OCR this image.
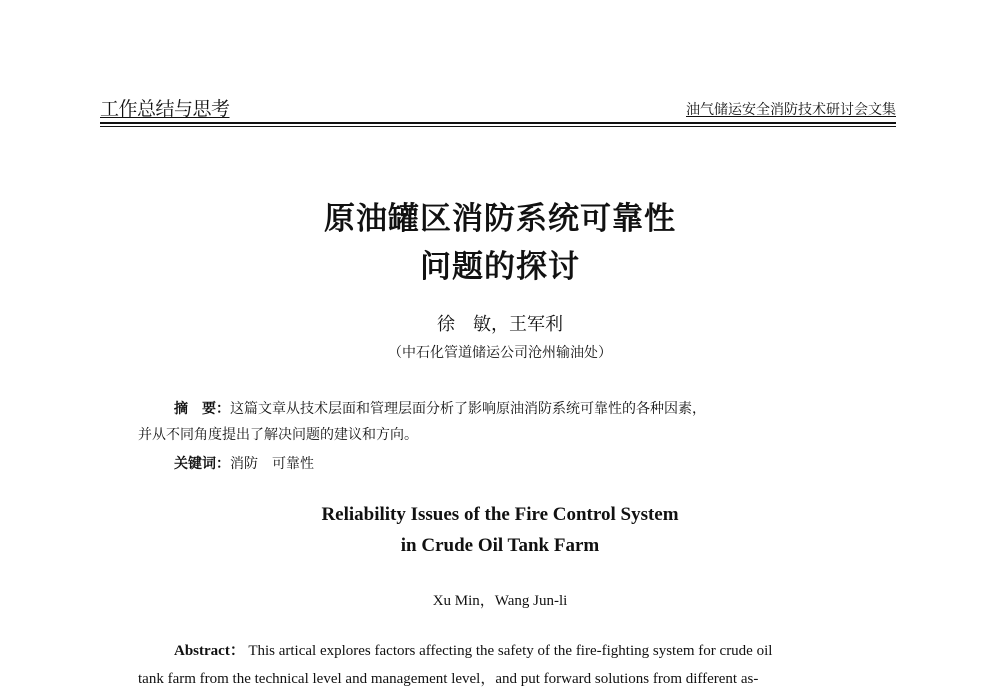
工作总结与思考	油气储运安全消防技术研讨会文集
原油罐区消防系统可靠性
问题的探讨
徐　敏，王军利
（中石化管道储运公司沧州输油处）
摘　要：这篇文章从技术层面和管理层面分析了影响原油消防系统可靠性的各种因素，
并从不同角度提出了解决问题的建议和方向。
关键词：消防　可靠性
Reliability Issues of the Fire Control System
in Crude Oil Tank Farm
Xu Min，Wang Jun-li
Abstract： This artical explores factors affecting the safety of the fire-fighting system for crude oil
tank farm from the technical level and management level，and put forward solutions from different as-
